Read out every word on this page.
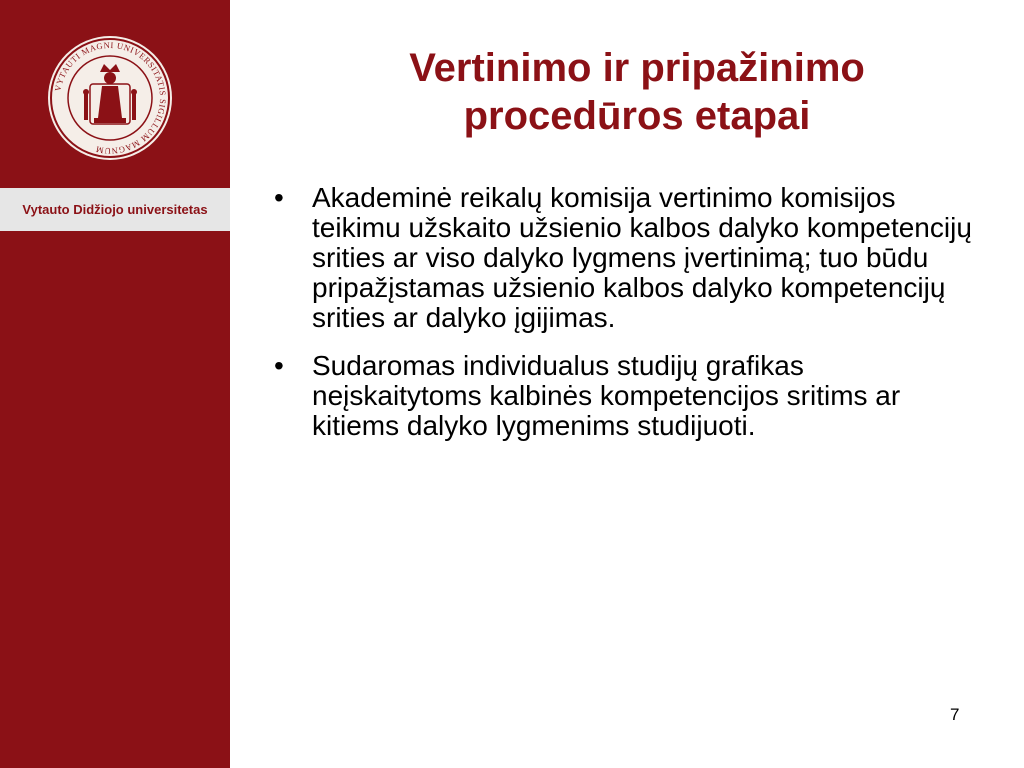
VYTAUTI MAGNI UNIVERSITATIS SIGILLUM MAGNUM
Vytauto Didžiojo universitetas
Vertinimo ir pripažinimo
procedūros etapai
• Akademinė reikalų komisija vertinimo komisijos teikimu užskaito užsienio kalbos dalyko kompetencijų srities ar viso dalyko lygmens įvertinimą; tuo būdu pripažįstamas užsienio kalbos dalyko kompetencijų srities ar dalyko įgijimas.
• Sudaromas individualus studijų grafikas neįskaitytoms kalbinės kompetencijos sritims ar kitiems dalyko lygmenims studijuoti.
7
